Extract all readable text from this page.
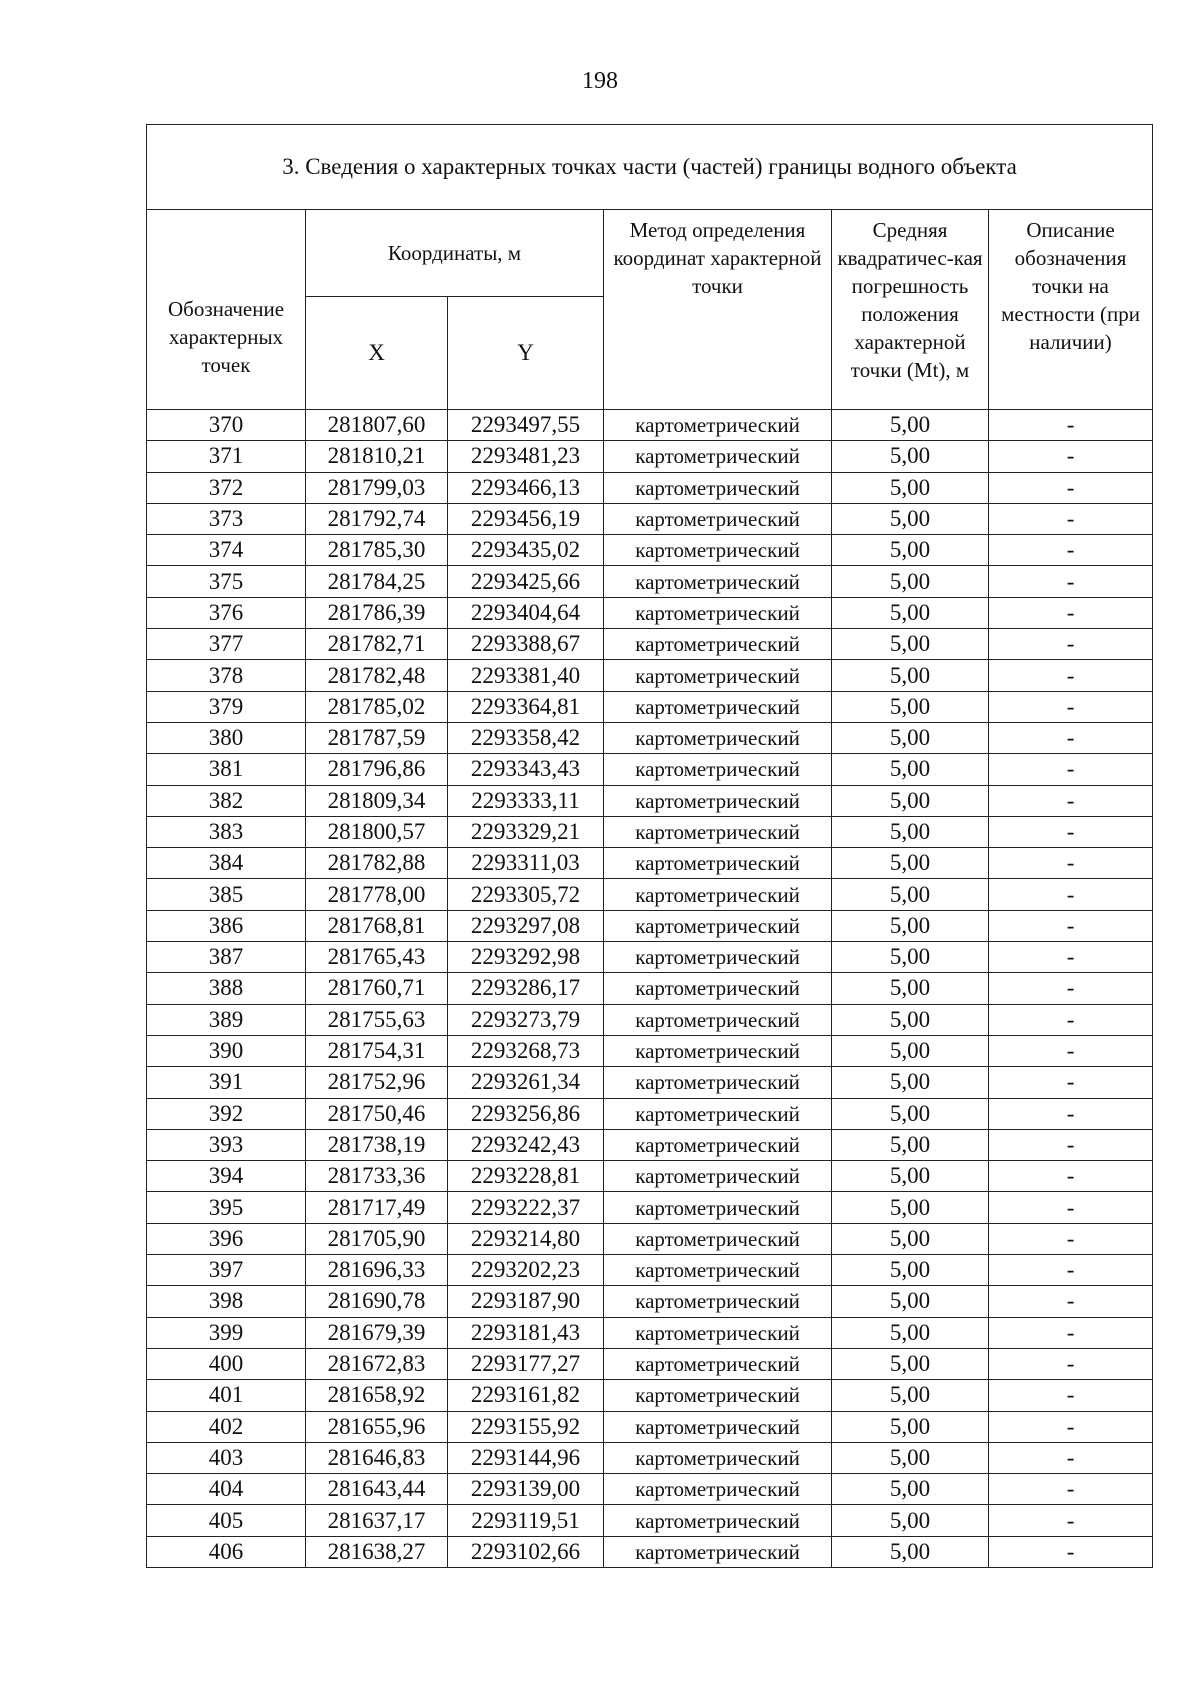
198
3. Сведения о характерных точках части (частей) границы водного объекта					
Обозначение характерных точек	Координаты, м		Метод определения координат характерной точки	Средняя квадратичес-кая погрешность положения характерной точки (Mt), м	Описание обозначения точки на местности (при наличии)
	X	Y			
370	281807,60	2293497,55	картометрический	5,00	-
371	281810,21	2293481,23	картометрический	5,00	-
372	281799,03	2293466,13	картометрический	5,00	-
373	281792,74	2293456,19	картометрический	5,00	-
374	281785,30	2293435,02	картометрический	5,00	-
375	281784,25	2293425,66	картометрический	5,00	-
376	281786,39	2293404,64	картометрический	5,00	-
377	281782,71	2293388,67	картометрический	5,00	-
378	281782,48	2293381,40	картометрический	5,00	-
379	281785,02	2293364,81	картометрический	5,00	-
380	281787,59	2293358,42	картометрический	5,00	-
381	281796,86	2293343,43	картометрический	5,00	-
382	281809,34	2293333,11	картометрический	5,00	-
383	281800,57	2293329,21	картометрический	5,00	-
384	281782,88	2293311,03	картометрический	5,00	-
385	281778,00	2293305,72	картометрический	5,00	-
386	281768,81	2293297,08	картометрический	5,00	-
387	281765,43	2293292,98	картометрический	5,00	-
388	281760,71	2293286,17	картометрический	5,00	-
389	281755,63	2293273,79	картометрический	5,00	-
390	281754,31	2293268,73	картометрический	5,00	-
391	281752,96	2293261,34	картометрический	5,00	-
392	281750,46	2293256,86	картометрический	5,00	-
393	281738,19	2293242,43	картометрический	5,00	-
394	281733,36	2293228,81	картометрический	5,00	-
395	281717,49	2293222,37	картометрический	5,00	-
396	281705,90	2293214,80	картометрический	5,00	-
397	281696,33	2293202,23	картометрический	5,00	-
398	281690,78	2293187,90	картометрический	5,00	-
399	281679,39	2293181,43	картометрический	5,00	-
400	281672,83	2293177,27	картометрический	5,00	-
401	281658,92	2293161,82	картометрический	5,00	-
402	281655,96	2293155,92	картометрический	5,00	-
403	281646,83	2293144,96	картометрический	5,00	-
404	281643,44	2293139,00	картометрический	5,00	-
405	281637,17	2293119,51	картометрический	5,00	-
406	281638,27	2293102,66	картометрический	5,00	-
